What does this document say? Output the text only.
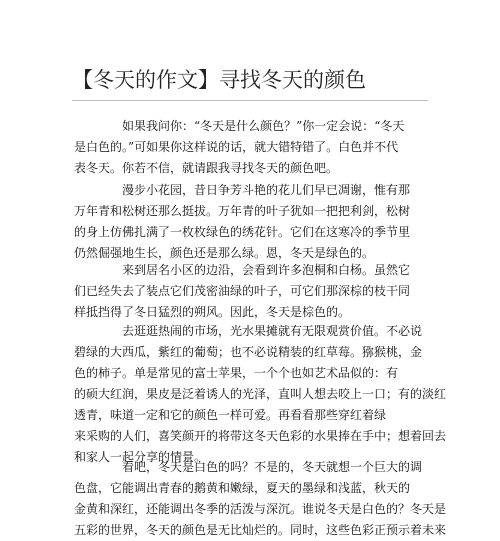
【冬天的作文】寻找冬天的颜色
如果我问你：“冬天是什么颜色？”你一定会说：“冬天
是白色的。”可如果你这样说的话，就大错特错了。白色并不代
表冬天。你若不信，就请跟我寻找冬天的颜色吧。
漫步小花园，昔日争芳斗艳的花儿们早已凋谢，惟有那
万年青和松树还那么挺拔。万年青的叶子犹如一把把利剑，松树
的身上仿佛扎满了一枚枚绿色的绣花针。它们在这寒冷的季节里
仍然倔强地生长，颜色还是那么绿。恩，冬天是绿色的。
来到居名小区的边沿，会看到许多泡桐和白杨。虽然它
们已经失去了装点它们茂密油绿的叶子，可它们那深棕的枝干同
样抵挡得了冬日猛烈的朔风。因此，冬天是棕色的。
去逛逛热闹的市场，光水果摊就有无限观赏价值。不必说
碧绿的大西瓜，紫红的葡萄；也不必说精装的红草莓。猕猴桃，金
色的柿子。单是常见的富士苹果，一个个也如艺术品似的：有
的硕大红润，果皮是泛着诱人的光泽，直叫人想去咬上一口；有的淡红
透青，味道一定和它的颜色一样可爱。再看看那些穿红着绿
来采购的人们，喜笑颜开的将带这冬天色彩的水果捧在手中；想着回去
和家人一起分享的情景。
看吧，冬天是白色的吗？不是的，冬天就想一个巨大的调
色盘，它能调出青春的鹅黄和嫩绿，夏天的墨绿和浅蓝，秋天的
金黄和深红，还能调出冬季的活泼与深沉。谁说冬天是白色的？冬天是
五彩的世界，冬天的颜色是无比灿烂的。同时，这些色彩正预示着未来
